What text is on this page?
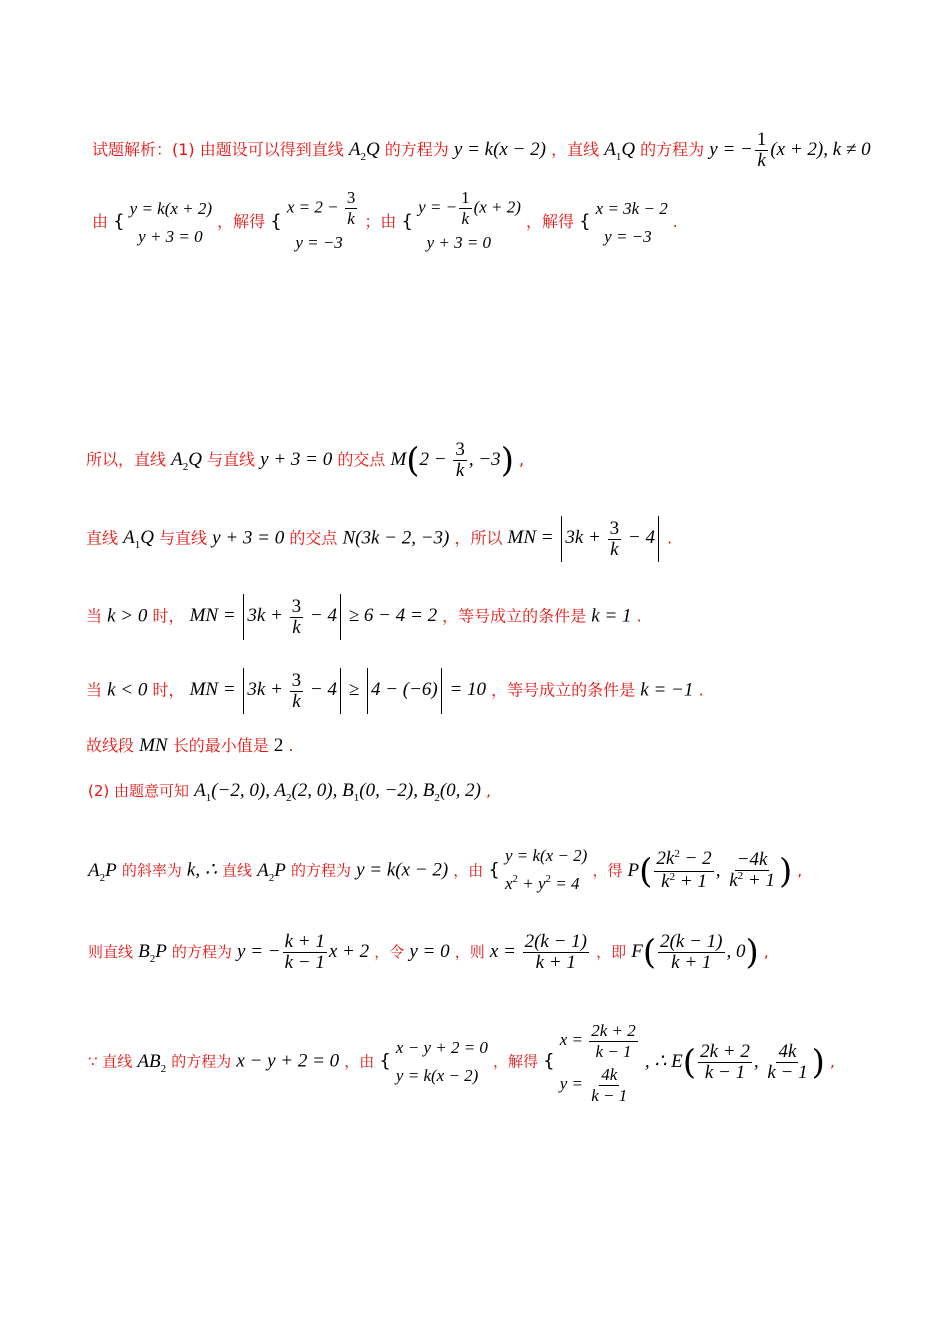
试题解析：(1) 由题设可以得到直线 $A_2Q$ 的方程为 y = k(x − 2) ，直线 $A_1Q$ 的方程为 y = − $\frac{1}{k} (x + 2)$, k ≠ 0
由 {
y = k(x + 2)
y + 3 = 0
，解得 {
$x = 2 - \frac{3}{k}$
y = −3
；由 {
y = − $\frac{1}{k} (x + 2)$
y + 3 = 0
，解得 {
x = 3k − 2
y = −3
.
所以，直线 $A_2Q$ 与直线 y + 3 = 0 的交点 $M(2 - \frac{3}{k}$ , −3) ,
直线 $A_1Q$ 与直线 y + 3 = 0 的交点 N(3k − 2, −3) ，所以 MN = $3k + \frac{3}{k} - 4$ .
当 k > 0 时， MN = $3k + \frac{3}{k} - 4 \ge 6 - 4 = 2$ ，等号成立的条件是 k = 1 .
当 k < 0 时， MN = $3k + \frac{3}{k} - 4 \ge 4 - (-6) = 10$ ，等号成立的条件是 k = −1 .
故线段 MN 长的最小值是 2 .
(2) 由题意可知 $A_1(-2$, 0), $A_2(2$, 0), $B_1(0$, −2), $B_2(0$, 2) ,
$A_2P$ 的斜率为 k, ∴ 直线 $A_2P$ 的方程为 y = k(x − 2) ，由 {
y = k(x − 2)
$x^2 + y^2 = 4$
，得 $P( \frac{2k^2 - 2}{k^2 + 1}$ , $\frac{-4k}{k^2 + 1}$ ) ,
则直线 $B_2P$ 的方程为 y = − $\frac{k + 1}{k - 1}$ x + 2 ，令 y = 0 ，则 $x = \frac{2(k - 1)}{k + 1}$ ，即 $F( \frac{2(k - 1)}{k + 1}$ , 0) ,
∵ 直线 $AB_2$ 的方程为 x − y + 2 = 0 ，由 {
x − y + 2 = 0
y = k(x − 2)
，解得 {
$x = \frac{2k + 2}{k - 1}$
$y = \frac{4k}{k - 1}$
, ∴ $E( \frac{2k + 2}{k - 1}$ , $\frac{4k}{k - 1}$ ) ,
